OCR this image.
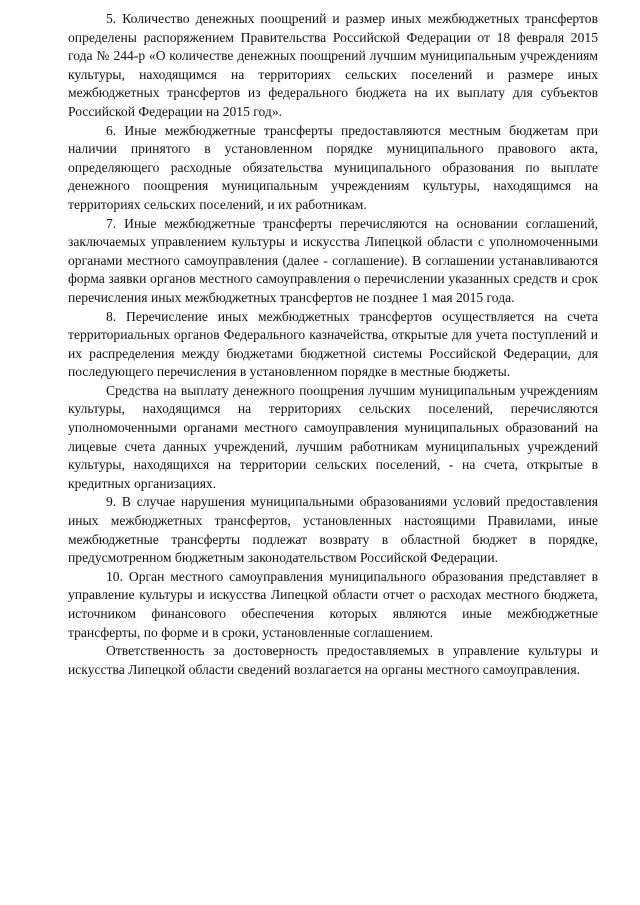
5. Количество денежных поощрений и размер иных межбюджетных трансфертов определены распоряжением Правительства Российской Федерации от 18 февраля 2015 года № 244-р «О количестве денежных поощрений лучшим муниципальным учреждениям культуры, находящимся на территориях сельских поселений и размере иных межбюджетных трансфертов из федерального бюджета на их выплату для субъектов Российской Федерации на 2015 год».

6. Иные межбюджетные трансферты предоставляются местным бюджетам при наличии принятого в установленном порядке муниципального правового акта, определяющего расходные обязательства муниципального образования по выплате денежного поощрения муниципальным учреждениям культуры, находящимся на территориях сельских поселений, и их работникам.

7. Иные межбюджетные трансферты перечисляются на основании соглашений, заключаемых управлением культуры и искусства Липецкой области с уполномоченными органами местного самоуправления (далее - соглашение). В соглашении устанавливаются форма заявки органов местного самоуправления о перечислении указанных средств и срок перечисления иных межбюджетных трансфертов не позднее 1 мая 2015 года.

8. Перечисление иных межбюджетных трансфертов осуществляется на счета территориальных органов Федерального казначейства, открытые для учета поступлений и их распределения между бюджетами бюджетной системы Российской Федерации, для последующего перечисления в установленном порядке в местные бюджеты.

Средства на выплату денежного поощрения лучшим муниципальным учреждениям культуры, находящимся на территориях сельских поселений, перечисляются уполномоченными органами местного самоуправления муниципальных образований на лицевые счета данных учреждений, лучшим работникам муниципальных учреждений культуры, находящихся на территории сельских поселений, - на счета, открытые в кредитных организациях.

9. В случае нарушения муниципальными образованиями условий предоставления иных межбюджетных трансфертов, установленных настоящими Правилами, иные межбюджетные трансферты подлежат возврату в областной бюджет в порядке, предусмотренном бюджетным законодательством Российской Федерации.

10. Орган местного самоуправления муниципального образования представляет в управление культуры и искусства Липецкой области отчет о расходах местного бюджета, источником финансового обеспечения которых являются иные межбюджетные трансферты, по форме и в сроки, установленные соглашением.

Ответственность за достоверность предоставляемых в управление культуры и искусства Липецкой области сведений возлагается на органы местного самоуправления.
